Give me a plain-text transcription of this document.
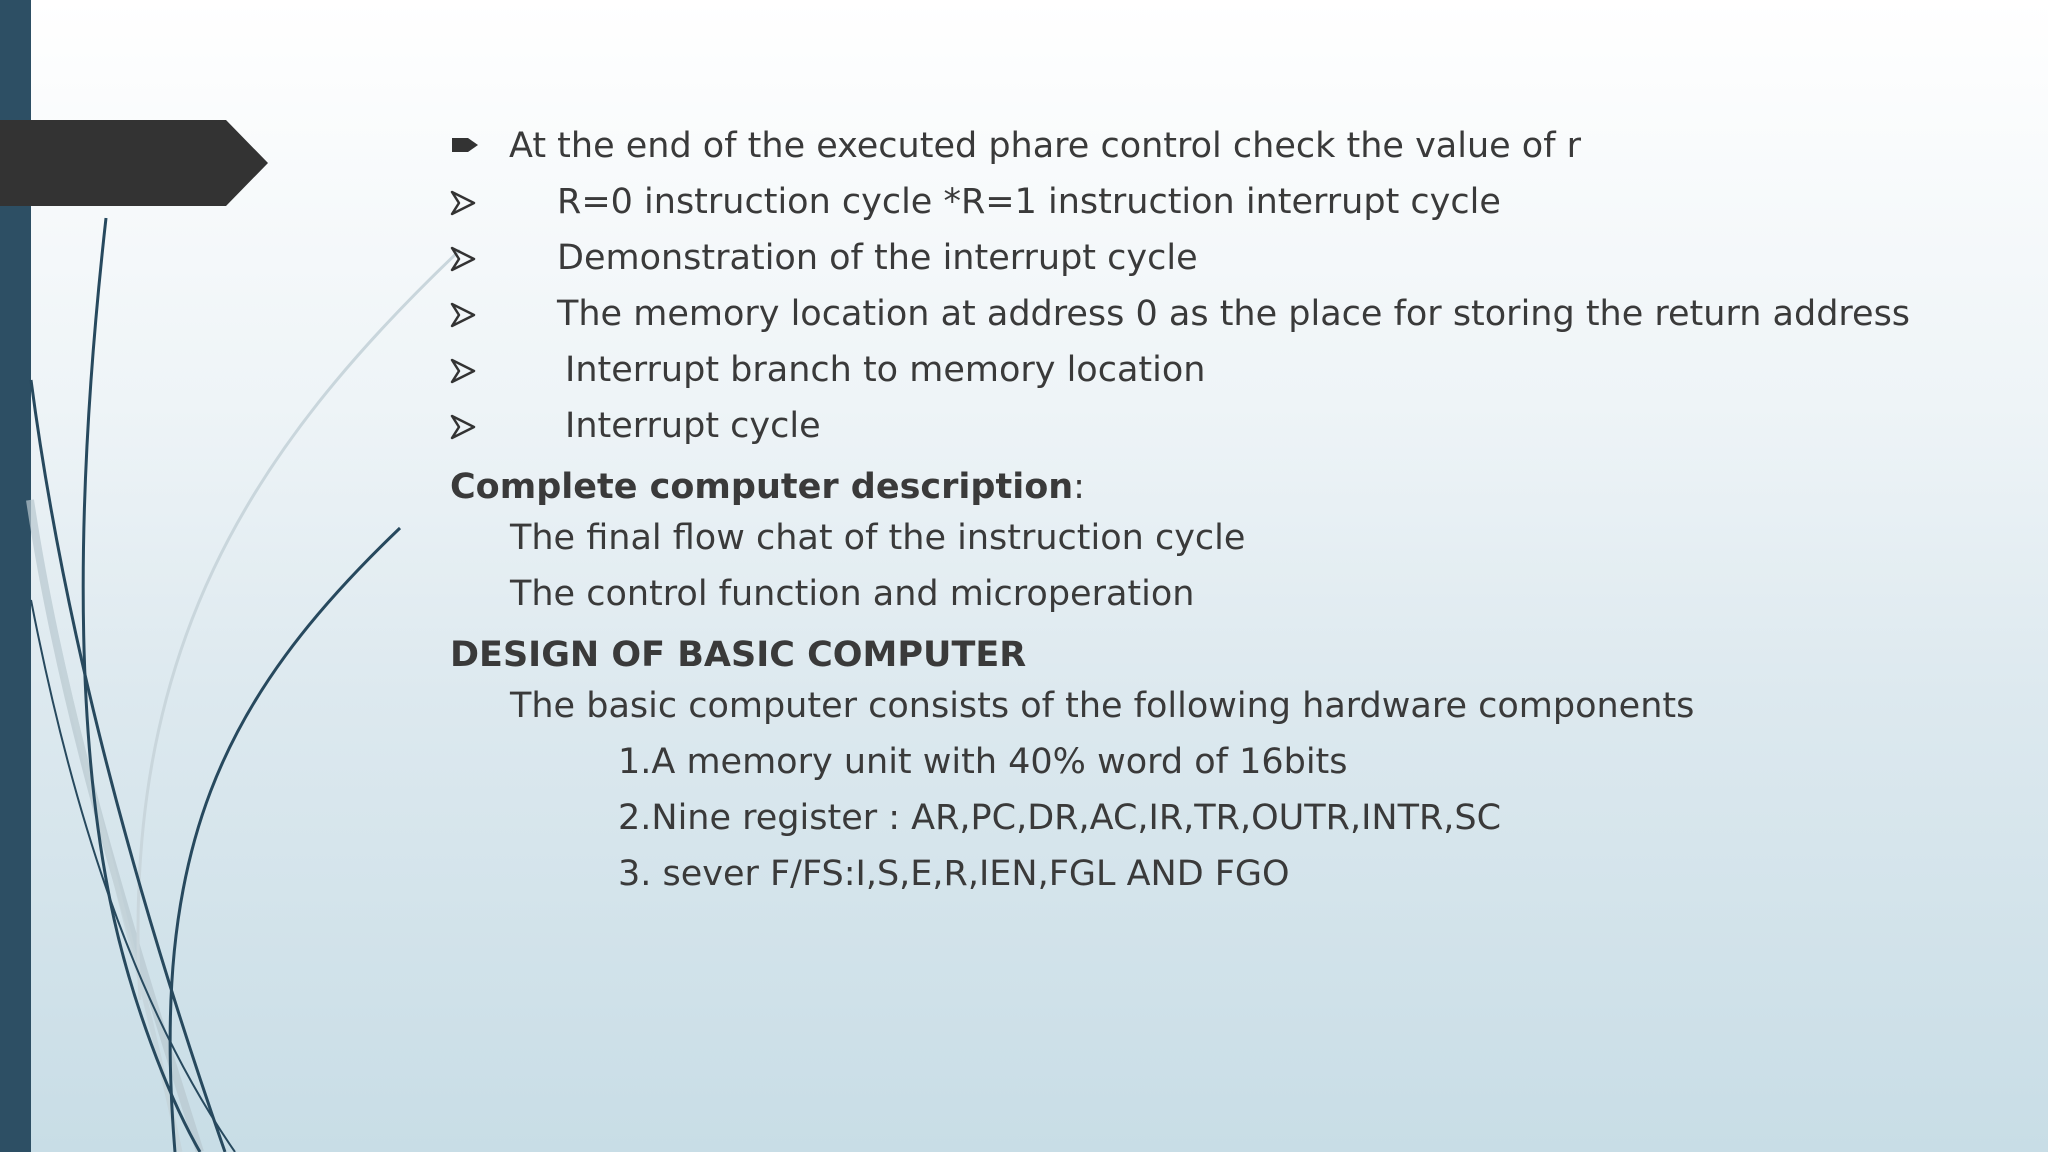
At the end of the executed phare control check the value of r
R=0 instruction cycle *R=1 instruction interrupt cycle
Demonstration of the interrupt cycle
The memory location at address 0 as the place for storing the return address
Interrupt branch to memory location
Interrupt cycle
Complete computer description:
The final flow chat of the instruction cycle
The control function and microperation
DESIGN OF BASIC COMPUTER
The basic computer consists of the following hardware components
1.A memory unit with 40% word of 16bits
2.Nine register : AR,PC,DR,AC,IR,TR,OUTR,INTR,SC
3. sever F/FS:I,S,E,R,IEN,FGL AND FGO
